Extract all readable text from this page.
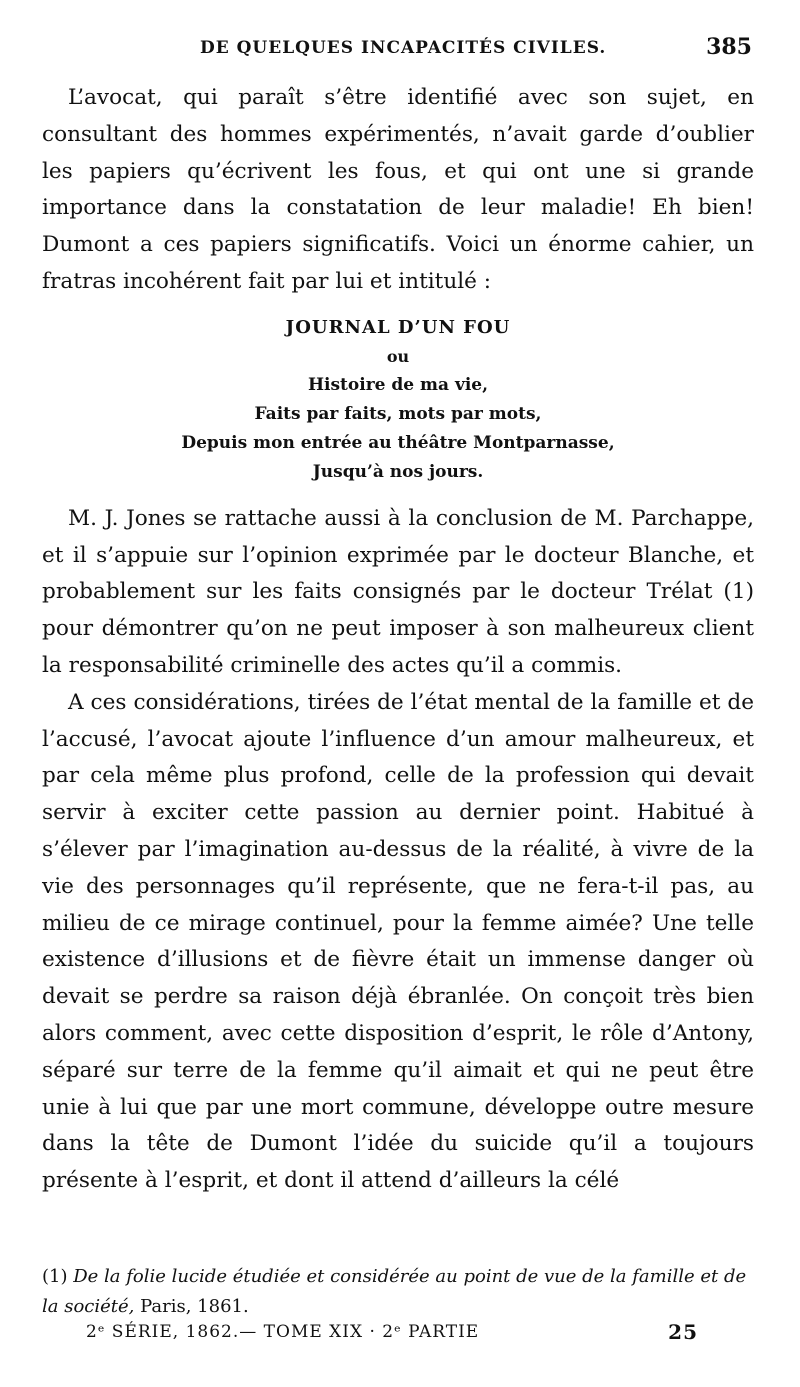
DE QUELQUES INCAPACITÉS CIVILES.	385

L’avocat, qui paraît s’être identifié avec son sujet, en consultant des hommes expérimentés, n’avait garde d’oublier les papiers qu’écrivent les fous, et qui ont une si grande importance dans la constatation de leur maladie! Eh bien! Dumont a ces papiers significatifs. Voici un énorme cahier, un fratras incohérent fait par lui et intitulé :

JOURNAL D’UN FOU
ou
Histoire de ma vie,
Faits par faits, mots par mots,
Depuis mon entrée au théâtre Montparnasse,
Jusqu’à nos jours.

M. J. Jones se rattache aussi à la conclusion de M. Parchappe, et il s’appuie sur l’opinion exprimée par le docteur Blanche, et probablement sur les faits consignés par le docteur Trélat (1) pour démontrer qu’on ne peut imposer à son malheureux client la responsabilité criminelle des actes qu’il a commis.

A ces considérations, tirées de l’état mental de la famille et de l’accusé, l’avocat ajoute l’influence d’un amour malheureux, et par cela même plus profond, celle de la profession qui devait servir à exciter cette passion au dernier point. Habitué à s’élever par l’imagination au-dessus de la réalité, à vivre de la vie des personnages qu’il représente, que ne fera-t-il pas, au milieu de ce mirage continuel, pour la femme aimée? Une telle existence d’illusions et de fièvre était un immense danger où devait se perdre sa raison déjà ébranlée. On conçoit très bien alors comment, avec cette disposition d’esprit, le rôle d’Antony, séparé sur terre de la femme qu’il aimait et qui ne peut être unie à lui que par une mort commune, développe outre mesure dans la tête de Dumont l’idée du suicide qu’il a toujours présente à l’esprit, et dont il attend d’ailleurs la célé

(1) De la folie lucide étudiée et considérée au point de vue de la famille et de la société, Paris, 1861.
2ᵉ SÉRIE, 1862.— TOME XIX · 2ᵉ PARTIE	25
